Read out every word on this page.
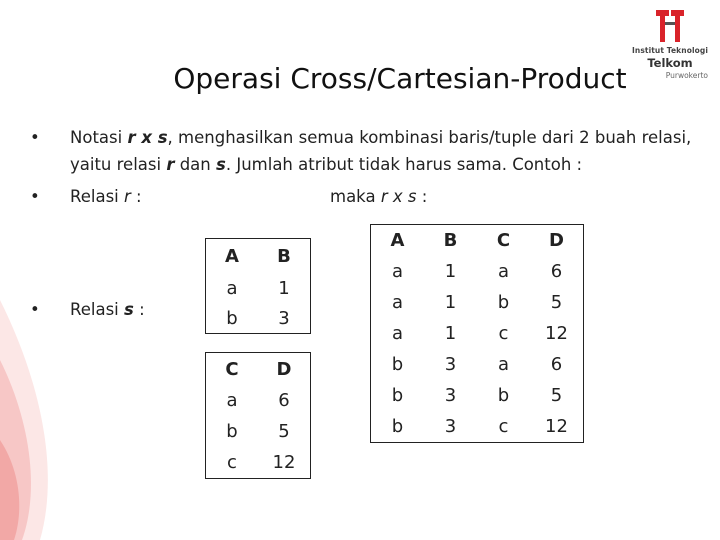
Institut Teknologi
Telkom
Purwokerto
Operasi Cross/Cartesian-Product
• Notasi r x s, menghasilkan semua kombinasi baris/tuple dari 2 buah relasi,
yaitu relasi r dan s. Jumlah atribut tidak harus sama. Contoh :
• Relasi r :	maka r x s :
• Relasi s :
A	B
a	1
b	3
C	D
a	6
b	5
c	12
A	B	C	D
a	1	a	6
a	1	b	5
a	1	c	12
b	3	a	6
b	3	b	5
b	3	c	12
